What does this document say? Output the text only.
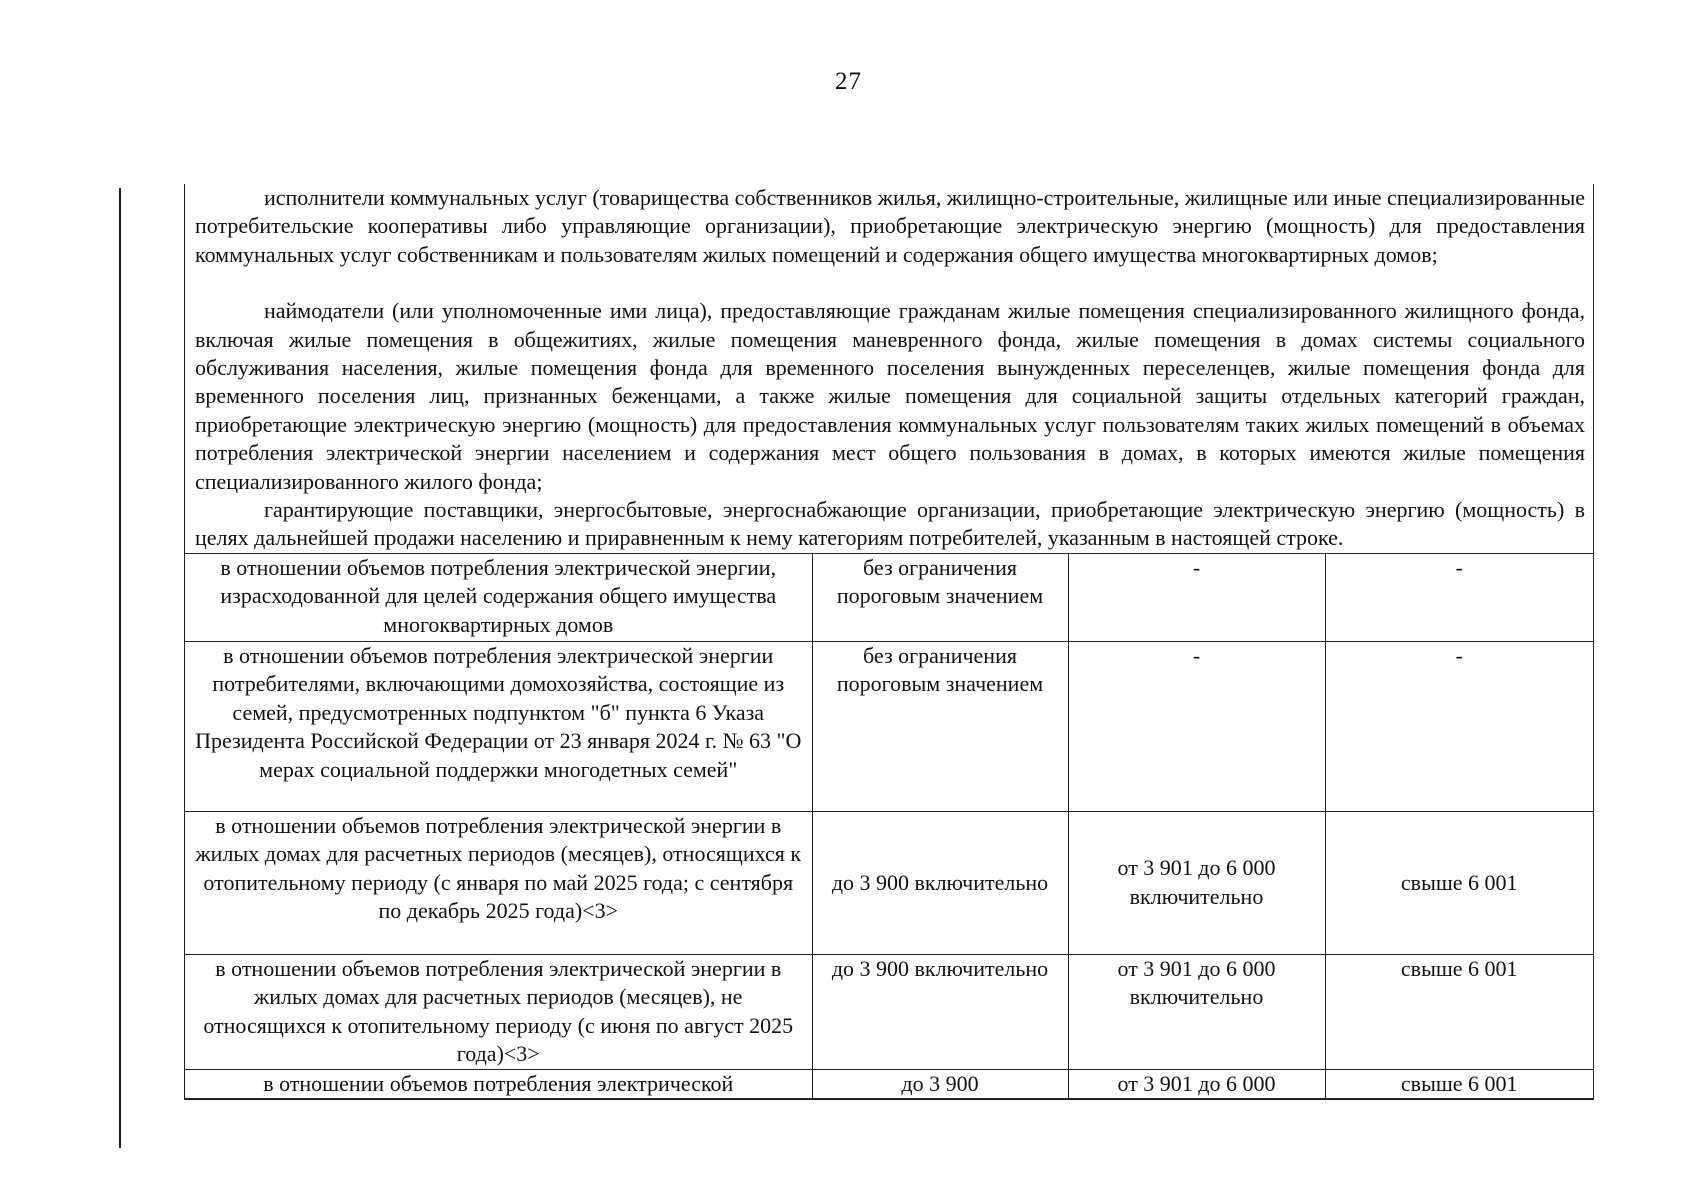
27

исполнители коммунальных услуг (товарищества собственников жилья, жилищно-строительные, жилищные или иные специализированные потребительские кооперативы либо управляющие организации), приобретающие электрическую энергию (мощность) для предоставления коммунальных услуг собственникам и пользователям жилых помещений и содержания общего имущества многоквартирных домов;

наймодатели (или уполномоченные ими лица), предоставляющие гражданам жилые помещения специализированного жилищного фонда, включая жилые помещения в общежитиях, жилые помещения маневренного фонда, жилые помещения в домах системы социального обслуживания населения, жилые помещения фонда для временного поселения вынужденных переселенцев, жилые помещения фонда для временного поселения лиц, признанных беженцами, а также жилые помещения для социальной защиты отдельных категорий граждан, приобретающие электрическую энергию (мощность) для предоставления коммунальных услуг пользователям таких жилых помещений в объемах потребления электрической энергии населением и содержания мест общего пользования в домах, в которых имеются жилые помещения специализированного жилого фонда;

гарантирующие поставщики, энергосбытовые, энергоснабжающие организации, приобретающие электрическую энергию (мощность) в целях дальнейшей продажи населению и приравненным к нему категориям потребителей, указанным в настоящей строке.

в отношении объемов потребления электрической энергии, израсходованной для целей содержания общего имущества многоквартирных домов	без ограничения пороговым значением	-	-
в отношении объемов потребления электрической энергии потребителями, включающими домохозяйства, состоящие из семей, предусмотренных подпунктом "б" пункта 6 Указа Президента Российской Федерации от 23 января 2024 г. № 63 "О мерах социальной поддержки многодетных семей"	без ограничения пороговым значением	-	-
в отношении объемов потребления электрической энергии в жилых домах для расчетных периодов (месяцев), относящихся к отопительному периоду (с января по май 2025 года; с сентября по декабрь 2025 года)<3>	до 3 900 включительно	от 3 901 до 6 000 включительно	свыше 6 001
в отношении объемов потребления электрической энергии в жилых домах для расчетных периодов (месяцев), не относящихся к отопительному периоду (с июня по август 2025 года)<3>	до 3 900 включительно	от 3 901 до 6 000 включительно	свыше 6 001
в отношении объемов потребления электрической	до 3 900	от 3 901 до 6 000	свыше 6 001
